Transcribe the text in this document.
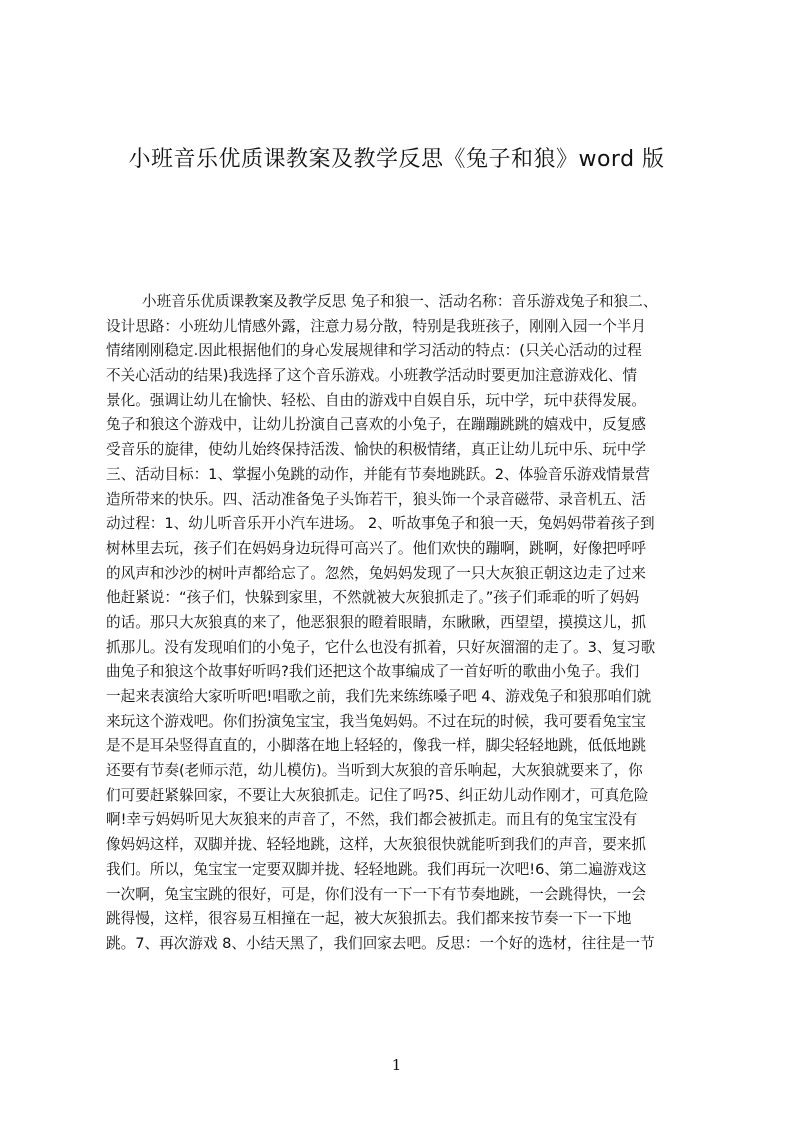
小班音乐优质课教案及教学反思《兔子和狼》word 版
小班音乐优质课教案及教学反思 兔子和狼一、活动名称：音乐游戏兔子和狼二、
设计思路：小班幼儿情感外露，注意力易分散，特别是我班孩子，刚刚入园一个半月
情绪刚刚稳定.因此根据他们的身心发展规律和学习活动的特点：(只关心活动的过程
不关心活动的结果)我选择了这个音乐游戏。小班教学活动时要更加注意游戏化、情
景化。强调让幼儿在愉快、轻松、自由的游戏中自娱自乐，玩中学，玩中获得发展。
兔子和狼这个游戏中，让幼儿扮演自己喜欢的小兔子，在蹦蹦跳跳的嬉戏中，反复感
受音乐的旋律，使幼儿始终保持活泼、愉快的积极情绪，真正让幼儿玩中乐、玩中学
三、活动目标：1、掌握小兔跳的动作，并能有节奏地跳跃。2、体验音乐游戏情景营
造所带来的快乐。四、活动准备兔子头饰若干，狼头饰一个录音磁带、录音机五、活
动过程：1、幼儿听音乐开小汽车进场。 2、听故事兔子和狼一天，兔妈妈带着孩子到
树林里去玩，孩子们在妈妈身边玩得可高兴了。他们欢快的蹦啊，跳啊，好像把呼呼
的风声和沙沙的树叶声都给忘了。忽然，兔妈妈发现了一只大灰狼正朝这边走了过来
他赶紧说：“孩子们，快躲到家里，不然就被大灰狼抓走了。”孩子们乖乖的听了妈妈
的话。那只大灰狼真的来了，他恶狠狠的瞪着眼睛，东瞅瞅，西望望，摸摸这儿，抓
抓那儿。没有发现咱们的小兔子，它什么也没有抓着，只好灰溜溜的走了。3、复习歌
曲兔子和狼这个故事好听吗?我们还把这个故事编成了一首好听的歌曲小兔子。我们
一起来表演给大家听听吧!唱歌之前，我们先来练练嗓子吧 4、游戏兔子和狼那咱们就
来玩这个游戏吧。你们扮演兔宝宝，我当兔妈妈。不过在玩的时候，我可要看兔宝宝
是不是耳朵竖得直直的，小脚落在地上轻轻的，像我一样，脚尖轻轻地跳，低低地跳
还要有节奏(老师示范，幼儿模仿)。当听到大灰狼的音乐响起，大灰狼就要来了，你
们可要赶紧躲回家，不要让大灰狼抓走。记住了吗?5、纠正幼儿动作刚才，可真危险
啊!幸亏妈妈听见大灰狼来的声音了，不然，我们都会被抓走。而且有的兔宝宝没有
像妈妈这样，双脚并拢、轻轻地跳，这样，大灰狼很快就能听到我们的声音，要来抓
我们。所以，兔宝宝一定要双脚并拢、轻轻地跳。我们再玩一次吧!6、第二遍游戏这
一次啊，兔宝宝跳的很好，可是，你们没有一下一下有节奏地跳，一会跳得快，一会
跳得慢，这样，很容易互相撞在一起，被大灰狼抓去。我们都来按节奏一下一下地
跳。7、再次游戏 8、小结天黑了，我们回家去吧。反思：一个好的选材，往往是一节
1
